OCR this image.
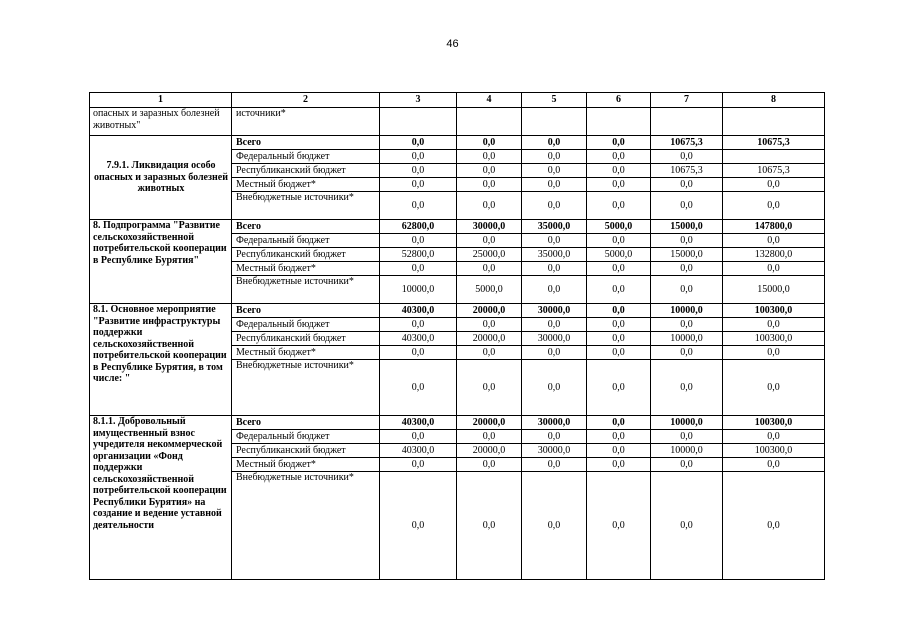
46
1	2	3	4	5	6	7	8
опасных и заразных болезней животных"	источники*						
7.9.1. Ликвидация особо опасных и заразных болезней животных	Всего	0,0	0,0	0,0	0,0	10675,3	10675,3
	Федеральный бюджет	0,0	0,0	0,0	0,0	0,0	
	Республиканский бюджет	0,0	0,0	0,0	0,0	10675,3	10675,3
	Местный бюджет*	0,0	0,0	0,0	0,0	0,0	0,0
	Внебюджетные источники*	0,0	0,0	0,0	0,0	0,0	0,0
8. Подпрограмма "Развитие сельскохозяйственной потребительской кооперации в Республике Бурятия"	Всего	62800,0	30000,0	35000,0	5000,0	15000,0	147800,0
	Федеральный бюджет	0,0	0,0	0,0	0,0	0,0	0,0
	Республиканский бюджет	52800,0	25000,0	35000,0	5000,0	15000,0	132800,0
	Местный бюджет*	0,0	0,0	0,0	0,0	0,0	0,0
	Внебюджетные источники*	10000,0	5000,0	0,0	0,0	0,0	15000,0
8.1. Основное мероприятие "Развитие инфраструктуры поддержки сельскохозяйственной потребительской кооперации в Республике Бурятия, в том числе: "	Всего	40300,0	20000,0	30000,0	0,0	10000,0	100300,0
	Федеральный бюджет	0,0	0,0	0,0	0,0	0,0	0,0
	Республиканский бюджет	40300,0	20000,0	30000,0	0,0	10000,0	100300,0
	Местный бюджет*	0,0	0,0	0,0	0,0	0,0	0,0
	Внебюджетные источники*	0,0	0,0	0,0	0,0	0,0	0,0
8.1.1. Добровольный имущественный взнос учредителя некоммерческой организации «Фонд поддержки сельскохозяйственной потребительской кооперации Республики Бурятия» на создание и ведение уставной деятельности	Всего	40300,0	20000,0	30000,0	0,0	10000,0	100300,0
	Федеральный бюджет	0,0	0,0	0,0	0,0	0,0	0,0
	Республиканский бюджет	40300,0	20000,0	30000,0	0,0	10000,0	100300,0
	Местный бюджет*	0,0	0,0	0,0	0,0	0,0	0,0
	Внебюджетные источники*	0,0	0,0	0,0	0,0	0,0	0,0
